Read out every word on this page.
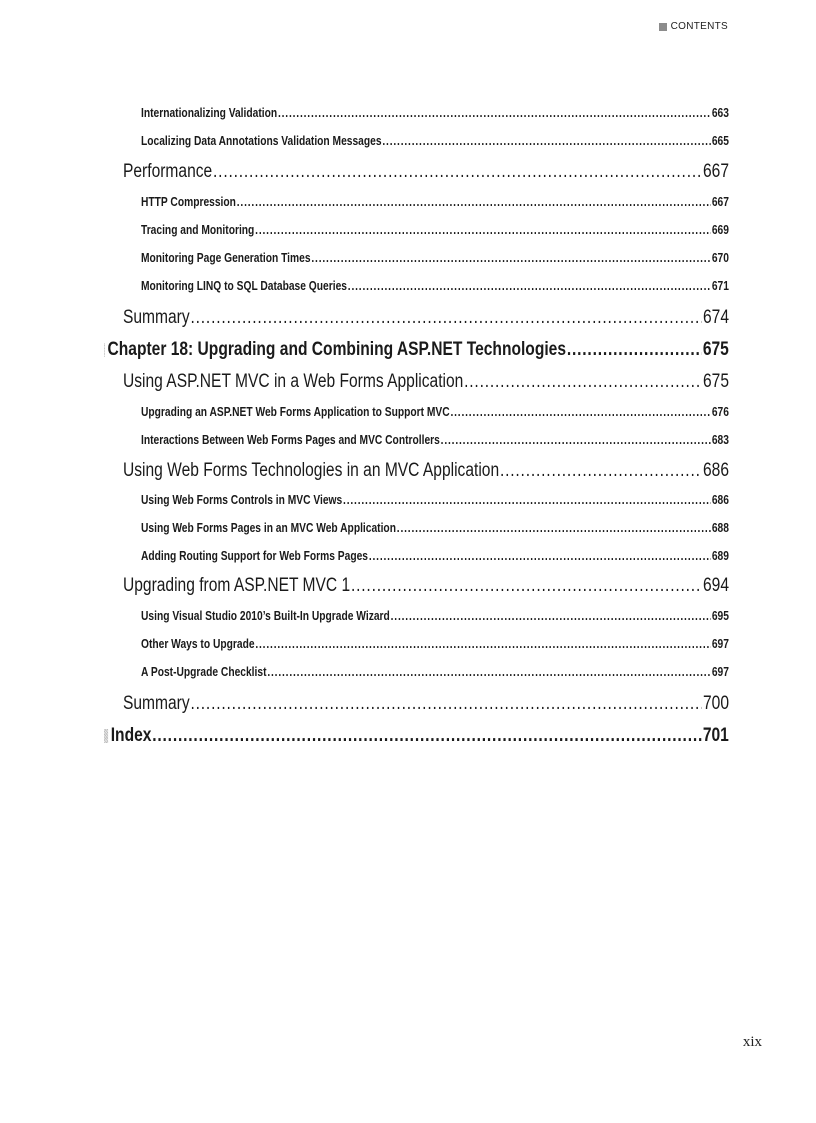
CONTENTS
Internationalizing Validation .....	663
Localizing Data Annotations Validation Messages .....	665
Performance .....	667
HTTP Compression .....	667
Tracing and Monitoring .....	669
Monitoring Page Generation Times .....	670
Monitoring LINQ to SQL Database Queries .....	671
Summary .....	674
Chapter 18: Upgrading and Combining ASP.NET Technologies .....	675
Using ASP.NET MVC in a Web Forms Application .....	675
Upgrading an ASP.NET Web Forms Application to Support MVC .....	676
Interactions Between Web Forms Pages and MVC Controllers .....	683
Using Web Forms Technologies in an MVC Application .....	686
Using Web Forms Controls in MVC Views .....	686
Using Web Forms Pages in an MVC Web Application .....	688
Adding Routing Support for Web Forms Pages .....	689
Upgrading from ASP.NET MVC 1 .....	694
Using Visual Studio 2010’s Built-In Upgrade Wizard .....	695
Other Ways to Upgrade .....	697
A Post-Upgrade Checklist .....	697
Summary .....	700
Index .....	701
xix
